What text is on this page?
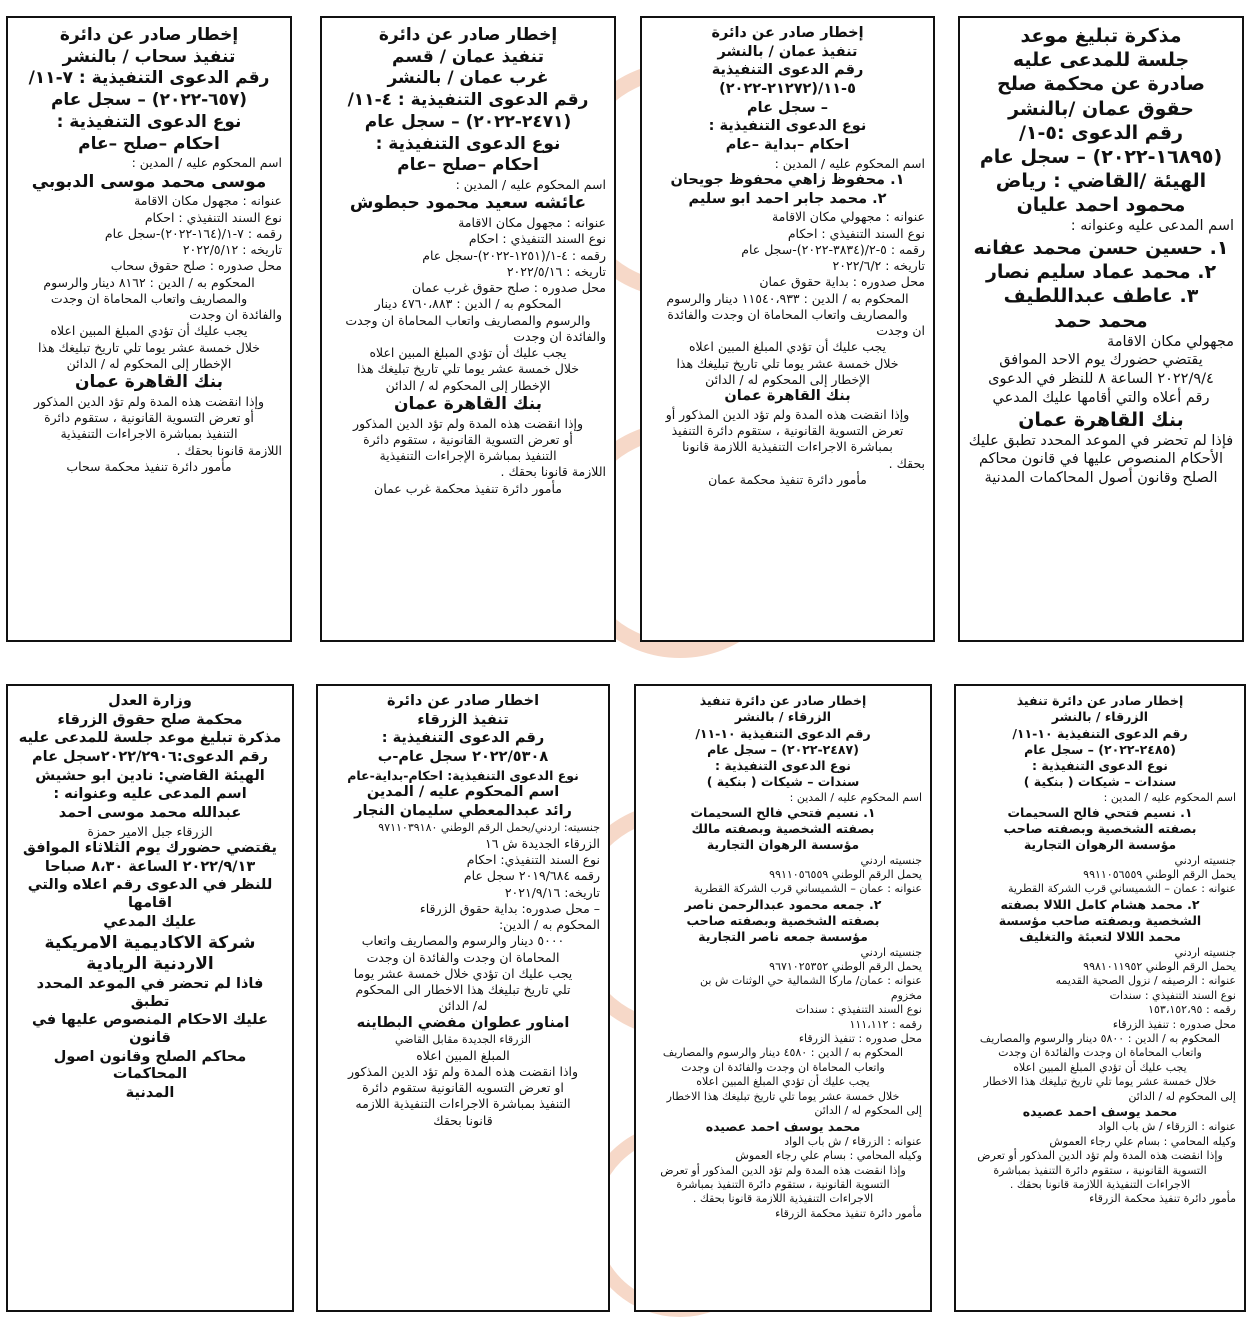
مذكرة تبليغ موعد
جلسة للمدعى عليه
صادرة عن محكمة صلح
حقوق عمان /بالنشر
رقم الدعوى :٥-١/
(١٦٨٩٥-٢٠٢٢) – سجل عام
الهيئة /القاضي : رياض
محمود احمد عليان
اسم المدعى عليه وعنوانه :
١. حسين حسن محمد عفانه
٢. محمد عماد سليم نصار
٣. عاطف عبداللطيف
محمد حمد
مجهولي مكان الاقامة
يقتضي حضورك يوم الاحد الموافق
٢٠٢٢/٩/٤ الساعة ٨ للنظر في الدعوى
رقم أعلاه والتي أقامها عليك المدعي
بنك القاهرة عمان
فإذا لم تحضر في الموعد المحدد تطبق عليك
الأحكام المنصوص عليها في قانون محاكم
الصلح وقانون أصول المحاكمات المدنية
إخطار صادر عن دائرة
تنفيذ عمان / بالنشر
رقم الدعوى التنفيذية
٥-١١/(٢١٢٧٢-٢٠٢٢)
– سجل عام
نوع الدعوى التنفيذية :
احكام –بداية –عام
اسم المحكوم عليه / المدين :
١. محفوظ زاهي محفوظ جويحان
٢. محمد جابر احمد ابو سليم
عنوانه : مجهولي مكان الاقامة
نوع السند التنفيذي : احكام
رقمه : ٥-٢/(٣٨٣٤-٢٠٢٢)-سجل عام
تاريخه : ٢٠٢٢/٦/٢
محل صدوره : بداية حقوق عمان
المحكوم به / الدين : ١١٥٤٠،٩٣٣ دينار والرسوم
والمصاريف واتعاب المحاماة ان وجدت والفائدة
ان وجدت
يجب عليك أن تؤدي المبلغ المبين اعلاه
خلال خمسة عشر يوما تلي تاريخ تبليغك هذا
الإخطار إلى المحكوم له / الدائن
بنك القاهرة عمان
وإذا انقضت هذه المدة ولم تؤد الدين المذكور أو
تعرض التسوية القانونية ، ستقوم دائرة التنفيذ
بمباشرة الاجراءات التنفيذية اللازمة قانونا
بحقك .
مأمور دائرة تنفيذ محكمة عمان
إخطار صادر عن دائرة
تنفيذ عمان / قسم
غرب عمان / بالنشر
رقم الدعوى التنفيذية : ٤-١١/
(٢٤٧١-٢٠٢٢) – سجل عام
نوع الدعوى التنفيذية :
احكام –صلح –عام
اسم المحكوم عليه / المدين :
عائشه سعيد محمود حبطوش
عنوانه : مجهول مكان الاقامة
نوع السند التنفيذي : احكام
رقمه : ٤-١/(١٢٥١-٢٠٢٢)-سجل عام
تاريخه : ٢٠٢٢/٥/١٦
محل صدوره : صلح حقوق غرب عمان
المحكوم به / الدين : ٤٧٦٠،٨٨٣ دينار
والرسوم والمصاريف واتعاب المحاماة ان وجدت
والفائدة ان وجدت
يجب عليك أن تؤدي المبلغ المبين اعلاه
خلال خمسة عشر يوما تلي تاريخ تبليغك هذا
الإخطار إلى المحكوم له / الدائن
بنك القاهرة عمان
وإذا انقضت هذه المدة ولم تؤد الدين المذكور
أو تعرض التسوية القانونية ، ستقوم دائرة
التنفيذ بمباشرة الإجراءات التنفيذية
اللازمة قانونا بحقك .
مأمور دائرة تنفيذ محكمة غرب عمان
إخطار صادر عن دائرة
تنفيذ سحاب / بالنشر
رقم الدعوى التنفيذية : ٧-١١/
(٦٥٧-٢٠٢٢) – سجل عام
نوع الدعوى التنفيذية :
احكام –صلح –عام
اسم المحكوم عليه / المدين :
موسى محمد موسى الدبوبي
عنوانه : مجهول مكان الاقامة
نوع السند التنفيذي : احكام
رقمه : ٧-١/(١٦٤-٢٠٢٢)-سجل عام
تاريخه : ٢٠٢٢/٥/١٢
محل صدوره : صلح حقوق سحاب
المحكوم به / الدين : ٨١٦٢ دينار والرسوم
والمصاريف واتعاب المحاماة ان وجدت
والفائدة ان وجدت
يجب عليك أن تؤدي المبلغ المبين اعلاه
خلال خمسة عشر يوما تلي تاريخ تبليغك هذا
الإخطار إلى المحكوم له / الدائن
بنك القاهرة عمان
وإذا انقضت هذه المدة ولم تؤد الدين المذكور
أو تعرض التسوية القانونية ، ستقوم دائرة
التنفيذ بمباشرة الاجراءات التنفيذية
اللازمة قانونا بحقك .
مأمور دائرة تنفيذ محكمة سحاب
إخطار صادر عن دائرة تنفيذ
الزرقاء / بالنشر
رقم الدعوى التنفيذية ١٠-١١/
(٢٤٨٥-٢٠٢٢) – سجل عام
نوع الدعوى التنفيذية :
سندات – شيكات ( بنكية )
اسم المحكوم عليه / المدين :
١. نسيم فتحي فالح السحيمات
بصفته الشخصية وبصفته صاحب
مؤسسة الرهوان التجارية
جنسيته اردني
يحمل الرقم الوطني ٩٩١١٠٥٦٥٥٩
عنوانه : عمان – الشميساني قرب الشركة القطرية
٢. محمد هشام كامل اللالا بصفته
الشخصية وبصفته صاحب مؤسسة
محمد اللالا لتعبئة والتغليف
جنسيته اردني
يحمل الرقم الوطني ٩٩٨١٠١١٩٥٢
عنوانه : الرصيفه / نزول الصحية القديمه
نوع السند التنفيذي : سندات
رقمه : ١٥٣،١٥٢،٩٥
محل صدوره : تنفيذ الزرقاء
المحكوم به / الدين : ٥٨٠٠ دينار والرسوم والمصاريف
واتعاب المحاماة ان وجدت والفائدة ان وجدت
يجب عليك أن تؤدي المبلغ المبين اعلاه
خلال خمسة عشر يوما تلي تاريخ تبليغك هذا الاخطار
إلى المحكوم له / الدائن
محمد يوسف احمد عصيده
عنوانه : الزرقاء / ش باب الواد
وكيله المحامي : بسام علي رجاء العموش
وإذا انقضت هذه المدة ولم تؤد الدين المذكور أو تعرض
التسوية القانونية ، ستقوم دائرة التنفيذ بمباشرة
الاجراءات التنفيذية اللازمة قانونا بحقك .
مأمور دائرة تنفيذ محكمة الزرقاء
إخطار صادر عن دائرة تنفيذ
الزرقاء / بالنشر
رقم الدعوى التنفيذية ١٠-١١/
(٢٤٨٧-٢٠٢٢) – سجل عام
نوع الدعوى التنفيذية :
سندات – شيكات ( بنكية )
اسم المحكوم عليه / المدين :
١. نسيم فتحي فالح السحيمات
بصفته الشخصية وبصفته مالك
مؤسسة الرهوان التجارية
جنسيته اردني
يحمل الرقم الوطني ٩٩١١٠٥٦٥٥٩
عنوانه : عمان – الشميساني قرب الشركة القطرية
٢. جمعه محمود عبدالرحمن ناصر
بصفته الشخصية وبصفته صاحب
مؤسسة جمعه ناصر التجارية
جنسيته اردني
يحمل الرقم الوطني ٩٦٧١٠٢٥٣٥٢
عنوانه : عمان/ ماركا الشمالية حي الوثنات ش بن
مخزوم
نوع السند التنفيذي : سندات
رقمه : ١١١،١١٢
محل صدوره : تنفيذ الزرقاء
المحكوم به / الدين : ٤٥٨٠ دينار والرسوم والمصاريف
واتعاب المحاماة ان وجدت والفائدة ان وجدت
يجب عليك أن تؤدي المبلغ المبين اعلاه
خلال خمسة عشر يوما تلي تاريخ تبليغك هذا الاخطار
إلى المحكوم له / الدائن
محمد يوسف احمد عصيده
عنوانه : الزرقاء / ش باب الواد
وكيله المحامي : بسام علي رجاء العموش
وإذا انقضت هذه المدة ولم تؤد الدين المذكور أو تعرض
التسوية القانونية ، ستقوم دائرة التنفيذ بمباشرة
الاجراءات التنفيذية اللازمة قانونا بحقك .
مأمور دائرة تنفيذ محكمة الزرقاء
اخطار صادر عن دائرة
تنفيذ الزرقاء
رقم الدعوى التنفيذية :
٢٠٢٢/٥٣٠٨ سجل عام-ب
نوع الدعوى التنفيذية: احكام-بداية-عام
اسم المحكوم عليه / المدين
رائد عبدالمعطي سليمان النجار
جنسيته: اردني/يحمل الرقم الوطني ٩٧١١٠٣٩١٨٠
الزرقاء الجديدة ش ١٦
نوع السند التنفيذي: احكام
رقمه ٢٠١٩/٦٨٤ سجل عام
تاريخه: ٢٠٢١/٩/١٦
– محل صدوره: بداية حقوق الزرقاء
المحكوم به / الدين:
٥٠٠٠ دينار والرسوم والمصاريف واتعاب
المحاماة ان وجدت والفائدة ان وجدت
يجب عليك ان تؤدي خلال خمسة عشر يوما
تلي تاريخ تبليغك هذا الاخطار الى المحكوم
له/ الدائن
امناور عطوان مفضي البطاينه
الزرقاء الجديدة مقابل القاضي
المبلغ المبين اعلاه
واذا انقضت هذه المدة ولم تؤد الدين المذكور
او تعرض التسويه القانونية ستقوم دائرة
التنفيذ بمباشرة الاجراءات التنفيذية اللازمه
قانونا بحقك
وزارة العدل
محكمة صلح حقوق الزرقاء
مذكرة تبليغ موعد جلسة للمدعى عليه
رقم الدعوى:٢٠٢٢/٢٩٠٦سجل عام
الهيئة القاضي: نادين ابو حشيش
اسم المدعى عليه وعنوانه :
عبدالله محمد موسى احمد
الزرقاء جبل الامير حمزة
يقتضي حضورك يوم الثلاثاء الموافق
٢٠٢٢/٩/١٣ الساعة ٨،٣٠ صباحا
للنظر في الدعوى رقم اعلاه والتي اقامها
عليك المدعي
شركة الاكاديمية الامريكية
الاردنية الريادية
فاذا لم تحضر في الموعد المحدد تطبق
عليك الاحكام المنصوص عليها في قانون
محاكم الصلح وقانون اصول المحاكمات
المدنية
